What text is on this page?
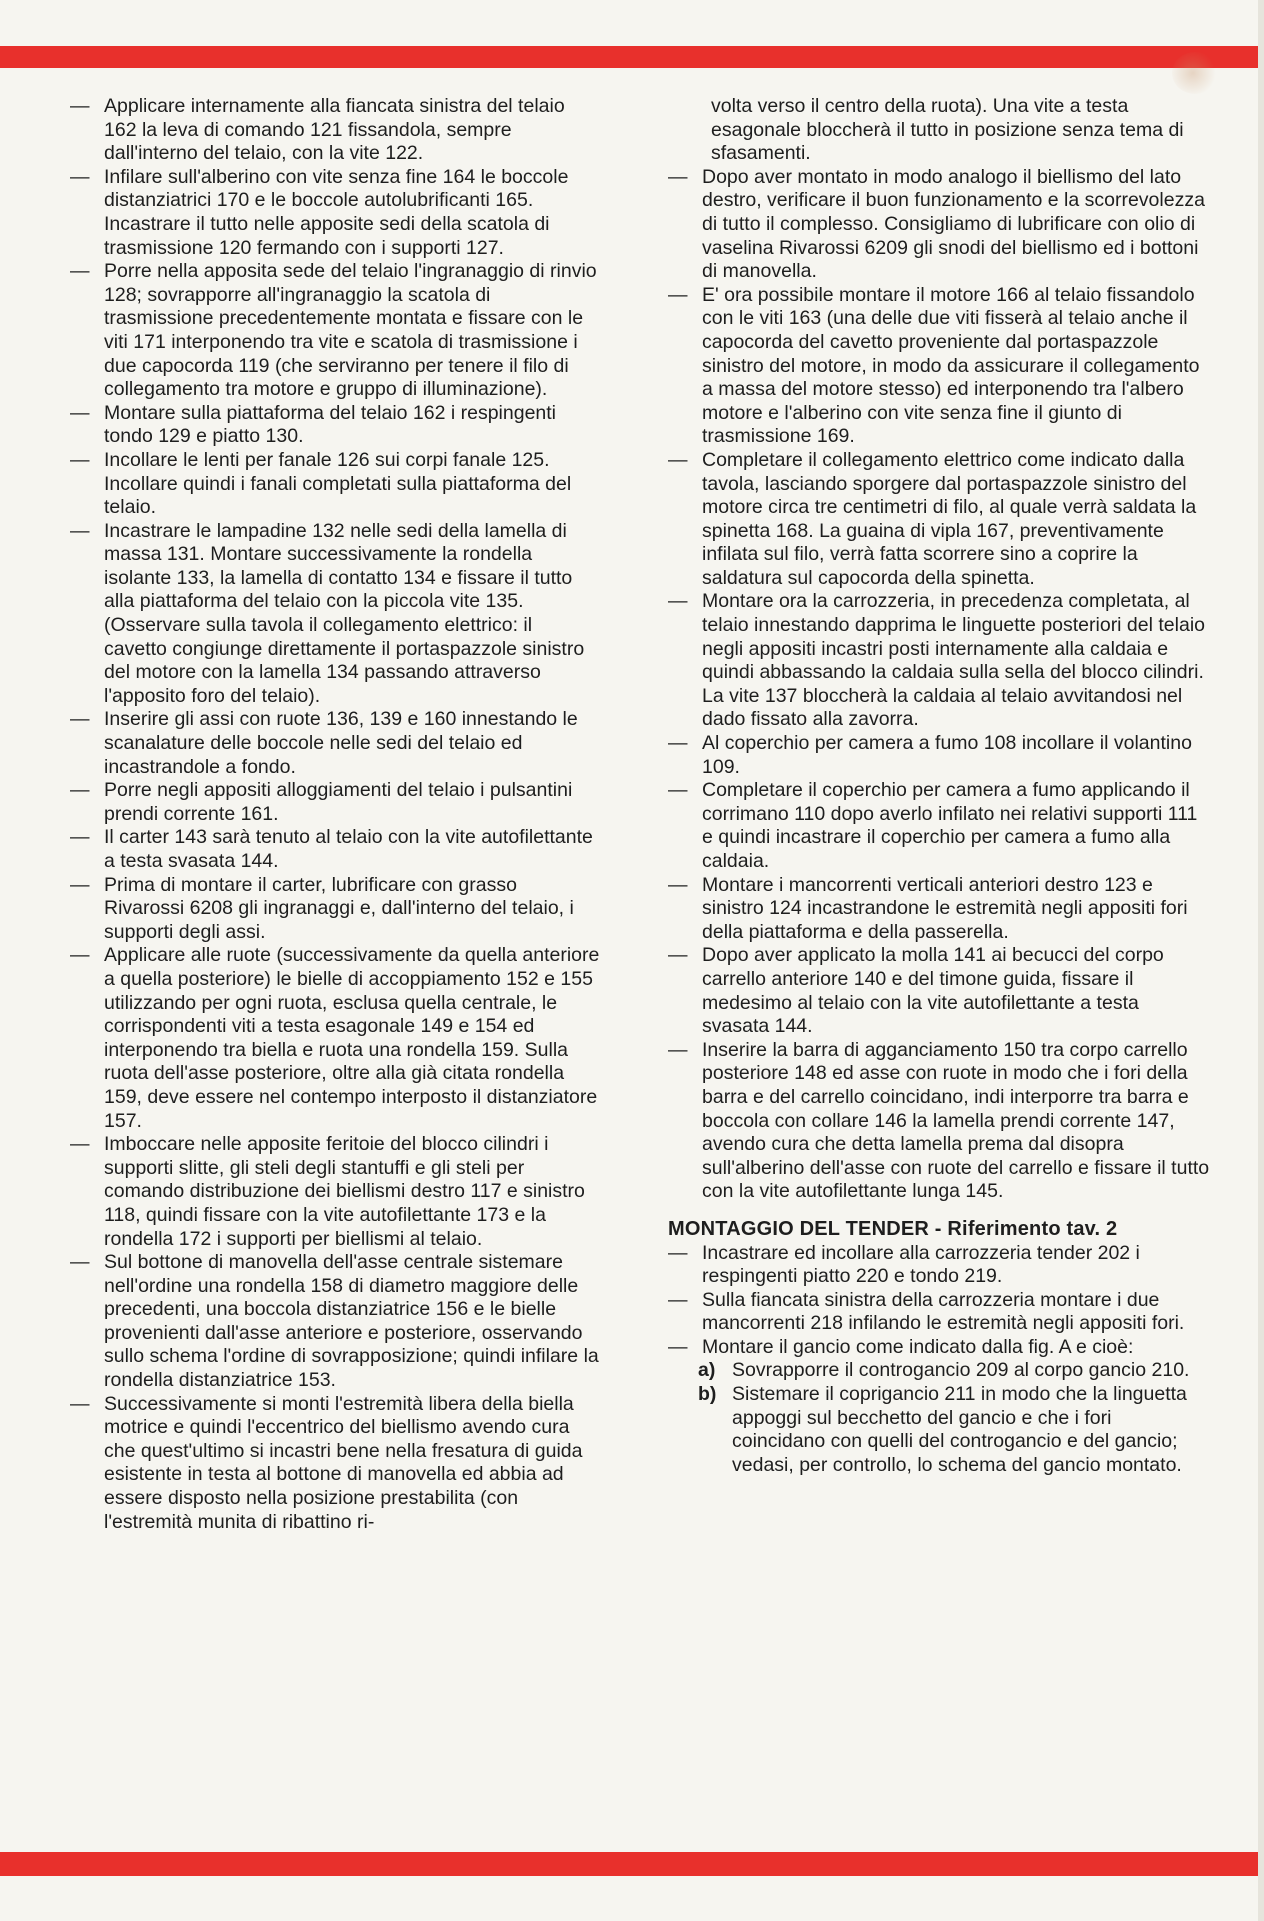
— Applicare internamente alla fiancata sinistra del telaio 162 la leva di comando 121 fissandola, sempre dall'interno del telaio, con la vite 122.

— Infilare sull'alberino con vite senza fine 164 le boccole distanziatrici 170 e le boccole autolubrificanti 165. Incastrare il tutto nelle apposite sedi della scatola di trasmissione 120 fermando con i supporti 127.

— Porre nella apposita sede del telaio l'ingranaggio di rinvio 128; sovrapporre all'ingranaggio la scatola di trasmissione precedentemente montata e fissare con le viti 171 interponendo tra vite e scatola di trasmissione i due capocorda 119 (che serviranno per tenere il filo di collegamento tra motore e gruppo di illuminazione).

— Montare sulla piattaforma del telaio 162 i respingenti tondo 129 e piatto 130.

— Incollare le lenti per fanale 126 sui corpi fanale 125. Incollare quindi i fanali completati sulla piattaforma del telaio.

— Incastrare le lampadine 132 nelle sedi della lamella di massa 131. Montare successivamente la rondella isolante 133, la lamella di contatto 134 e fissare il tutto alla piattaforma del telaio con la piccola vite 135. (Osservare sulla tavola il collegamento elettrico: il cavetto congiunge direttamente il portaspazzole sinistro del motore con la lamella 134 passando attraverso l'apposito foro del telaio).

— Inserire gli assi con ruote 136, 139 e 160 innestando le scanalature delle boccole nelle sedi del telaio ed incastrandole a fondo.

— Porre negli appositi alloggiamenti del telaio i pulsantini prendi corrente 161.

— Il carter 143 sarà tenuto al telaio con la vite autofilettante a testa svasata 144.

— Prima di montare il carter, lubrificare con grasso Rivarossi 6208 gli ingranaggi e, dall'interno del telaio, i supporti degli assi.

— Applicare alle ruote (successivamente da quella anteriore a quella posteriore) le bielle di accoppiamento 152 e 155 utilizzando per ogni ruota, esclusa quella centrale, le corrispondenti viti a testa esagonale 149 e 154 ed interponendo tra biella e ruota una rondella 159. Sulla ruota dell'asse posteriore, oltre alla già citata rondella 159, deve essere nel contempo interposto il distanziatore 157.

— Imboccare nelle apposite feritoie del blocco cilindri i supporti slitte, gli steli degli stantuffi e gli steli per comando distribuzione dei biellismi destro 117 e sinistro 118, quindi fissare con la vite autofilettante 173 e la rondella 172 i supporti per biellismi al telaio.

— Sul bottone di manovella dell'asse centrale sistemare nell'ordine una rondella 158 di diametro maggiore delle precedenti, una boccola distanziatrice 156 e le bielle provenienti dall'asse anteriore e posteriore, osservando sullo schema l'ordine di sovrapposizione; quindi infilare la rondella distanziatrice 153.

— Successivamente si monti l'estremità libera della biella motrice e quindi l'eccentrico del biellismo avendo cura che quest'ultimo si incastri bene nella fresatura di guida esistente in testa al bottone di manovella ed abbia ad essere disposto nella posizione prestabilita (con l'estremità munita di ribattino ri-

volta verso il centro della ruota). Una vite a testa esagonale bloccherà il tutto in posizione senza tema di sfasamenti.

— Dopo aver montato in modo analogo il biellismo del lato destro, verificare il buon funzionamento e la scorrevolezza di tutto il complesso. Consigliamo di lubrificare con olio di vaselina Rivarossi 6209 gli snodi del biellismo ed i bottoni di manovella.

— E' ora possibile montare il motore 166 al telaio fissandolo con le viti 163 (una delle due viti fisserà al telaio anche il capocorda del cavetto proveniente dal portaspazzole sinistro del motore, in modo da assicurare il collegamento a massa del motore stesso) ed interponendo tra l'albero motore e l'alberino con vite senza fine il giunto di trasmissione 169.

— Completare il collegamento elettrico come indicato dalla tavola, lasciando sporgere dal portaspazzole sinistro del motore circa tre centimetri di filo, al quale verrà saldata la spinetta 168. La guaina di vipla 167, preventivamente infilata sul filo, verrà fatta scorrere sino a coprire la saldatura sul capocorda della spinetta.

— Montare ora la carrozzeria, in precedenza completata, al telaio innestando dapprima le linguette posteriori del telaio negli appositi incastri posti internamente alla caldaia e quindi abbassando la caldaia sulla sella del blocco cilindri. La vite 137 bloccherà la caldaia al telaio avvitandosi nel dado fissato alla zavorra.

— Al coperchio per camera a fumo 108 incollare il volantino 109.

— Completare il coperchio per camera a fumo applicando il corrimano 110 dopo averlo infilato nei relativi supporti 111 e quindi incastrare il coperchio per camera a fumo alla caldaia.

— Montare i mancorrenti verticali anteriori destro 123 e sinistro 124 incastrandone le estremità negli appositi fori della piattaforma e della passerella.

— Dopo aver applicato la molla 141 ai becucci del corpo carrello anteriore 140 e del timone guida, fissare il medesimo al telaio con la vite autofilettante a testa svasata 144.

— Inserire la barra di agganciamento 150 tra corpo carrello posteriore 148 ed asse con ruote in modo che i fori della barra e del carrello coincidano, indi interporre tra barra e boccola con collare 146 la lamella prendi corrente 147, avendo cura che detta lamella prema dal disopra sull'alberino dell'asse con ruote del carrello e fissare il tutto con la vite autofilettante lunga 145.

MONTAGGIO DEL TENDER - Riferimento tav. 2

— Incastrare ed incollare alla carrozzeria tender 202 i respingenti piatto 220 e tondo 219.

— Sulla fiancata sinistra della carrozzeria montare i due mancorrenti 218 infilando le estremità negli appositi fori.

— Montare il gancio come indicato dalla fig. A e cioè:

a) Sovrapporre il controgancio 209 al corpo gancio 210.

b) Sistemare il coprigancio 211 in modo che la linguetta appoggi sul becchetto del gancio e che i fori coincidano con quelli del controgancio e del gancio; vedasi, per controllo, lo schema del gancio montato.
